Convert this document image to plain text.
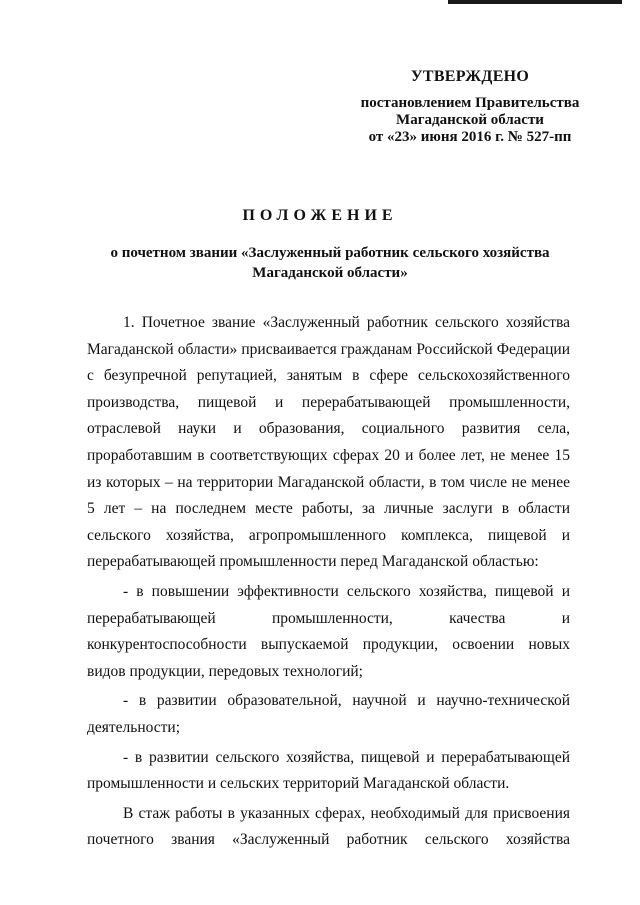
УТВЕРЖДЕНО
постановлением Правительства
Магаданской области
от «23» июня 2016 г. № 527-пп
ПОЛОЖЕНИЕ
о почетном звании «Заслуженный работник сельского хозяйства
Магаданской области»

1. Почетное звание «Заслуженный работник сельского хозяйства Магаданской области» присваивается гражданам Российской Федерации с безупречной репутацией, занятым в сфере сельскохозяйственного производства, пищевой и перерабатывающей промышленности, отраслевой науки и образования, социального развития села, проработавшим в соответствующих сферах 20 и более лет, не менее 15 из которых – на территории Магаданской области, в том числе не менее 5 лет – на последнем месте работы, за личные заслуги в области сельского хозяйства, агропромышленного комплекса, пищевой и перерабатывающей промышленности перед Магаданской областью:

- в повышении эффективности сельского хозяйства, пищевой и перерабатывающей промышленности, качества и конкурентоспособности выпускаемой продукции, освоении новых видов продукции, передовых технологий;

- в развитии образовательной, научной и научно-технической деятельности;

- в развитии сельского хозяйства, пищевой и перерабатывающей промышленности и сельских территорий Магаданской области.

В стаж работы в указанных сферах, необходимый для присвоения почетного звания «Заслуженный работник сельского хозяйства
